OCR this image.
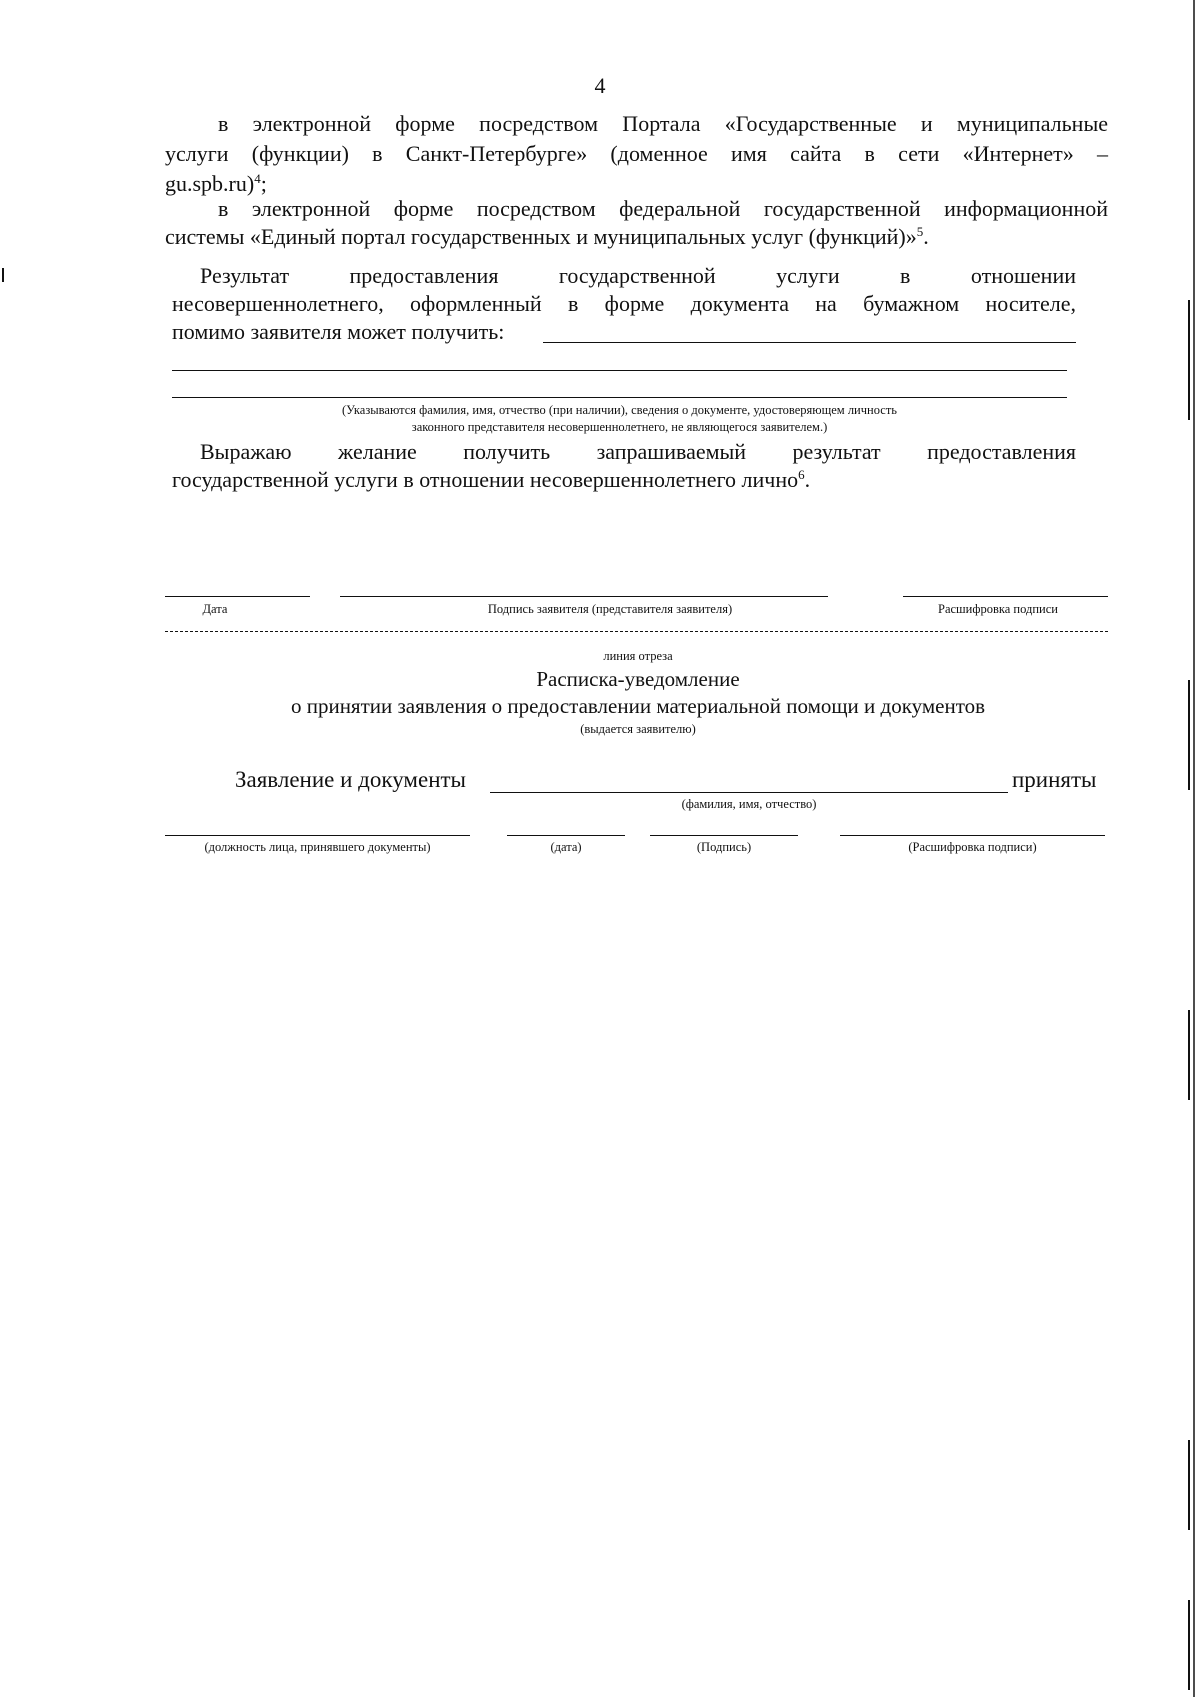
4
в электронной форме посредством Портала «Государственные и муниципальные
услуги (функции) в Санкт-Петербурге» (доменное имя сайта в сети «Интернет» –
gu.spb.ru)$^4$;
в электронной форме посредством федеральной государственной информационной
системы «Единый портал государственных и муниципальных услуг (функций)»$^5$.
Результат предоставления государственной услуги в отношении
несовершеннолетнего, оформленный в форме документа на бумажном носителе,
помимо заявителя может получить:
(Указываются фамилия, имя, отчество (при наличии), сведения о документе, удостоверяющем личность
законного представителя несовершеннолетнего, не являющегося заявителем.)
Выражаю желание получить запрашиваемый результат предоставления
государственной услуги в отношении несовершеннолетнего лично$^6$.
Дата	Подпись заявителя (представителя заявителя)	Расшифровка подписи
линия отреза
Расписка-уведомление
о принятии заявления о предоставлении материальной помощи и документов
(выдается заявителю)
Заявление и документы	приняты
(фамилия, имя, отчество)
(должность лица, принявшего документы)	(дата)	(Подпись)	(Расшифровка подписи)
